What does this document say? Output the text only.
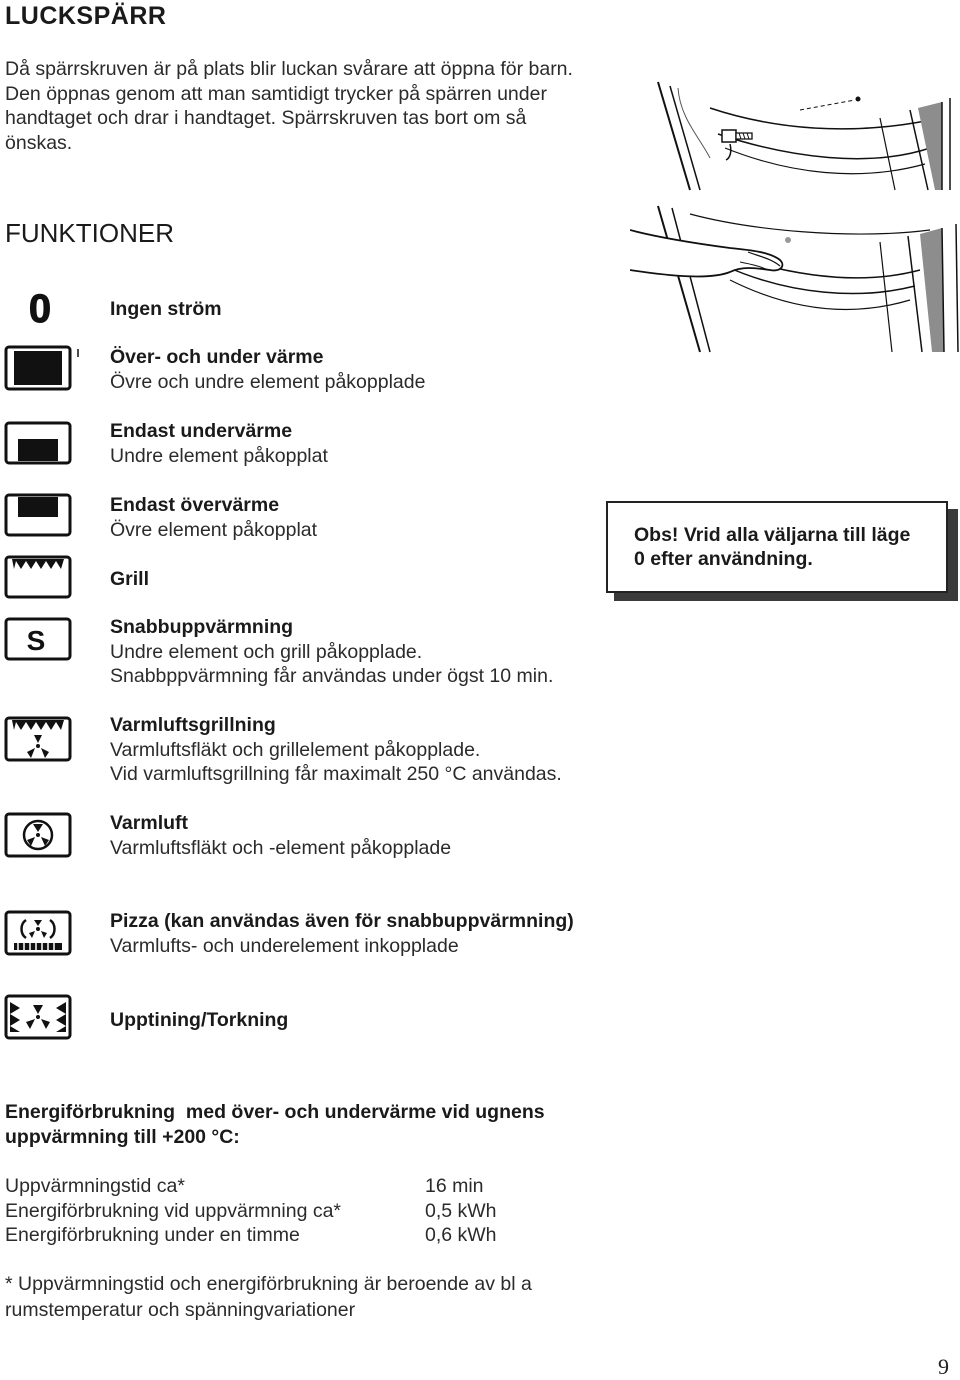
LUCKSPÄRR
Då spärrskruven är på plats blir luckan svårare att öppna för barn.
Den öppnas genom att man samtidigt trycker på spärren under
handtaget och drar i handtaget. Spärrskruven tas bort om så
önskas.
FUNKTIONER
0	Ingen ström
Över- och under värme
Övre och undre element påkopplade
Endast undervärme
Undre element påkopplat
Endast övervärme
Övre element påkopplat
Grill
S	Snabbuppvärmning
Undre element och grill påkopplade.
Snabbppvärmning får användas under ögst 10 min.
Varmluftsgrillning
Varmluftsfläkt och grillelement påkopplade.
Vid varmluftsgrillning får maximalt 250 °C användas.
Varmluft
Varmluftsfläkt och -element påkopplade
Pizza (kan användas även för snabbuppvärmning)
Varmlufts- och underelement inkopplade
Upptining/Torkning
Obs! Vrid alla väljarna till läge
0 efter användning.
Energiförbrukning  med över- och undervärme vid ugnens
uppvärmning till +200 °C:
Uppvärmningstid ca*	16 min
Energiförbrukning vid uppvärmning ca*	0,5 kWh
Energiförbrukning under en timme	0,6 kWh
* Uppvärmningstid och energiförbrukning är beroende av bl a
rumstemperatur och spänningvariationer
9
